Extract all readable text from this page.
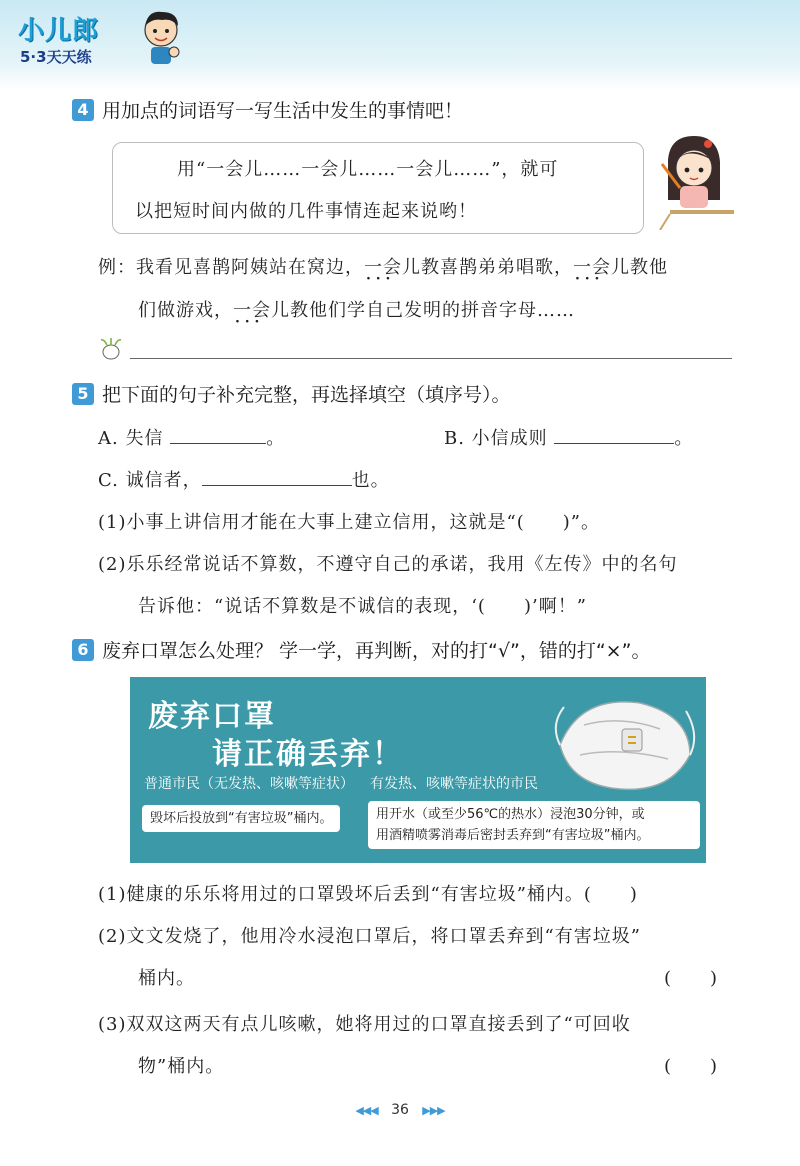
小儿郎
5·3天天练
4 用加点的词语写一写生活中发生的事情吧！
用“一会儿……一会儿……一会儿……”，就可
以把短时间内做的几件事情连起来说哟！
例：我看见喜鹊阿姨站在窝边，一会儿 · · ·教喜鹊弟弟唱歌，一会儿 · · ·教他
们做游戏，一会儿 · · ·教他们学自己发明的拼音字母……
5 把下面的句子补充完整，再选择填空（填序号）。
A. 失信	。	B. 小信成则	。
C. 诚信者，	也。
(1)小事上讲信用才能在大事上建立信用，这就是“(　　)”。
(2)乐乐经常说话不算数，不遵守自己的承诺，我用《左传》中的名句
告诉他：“说话不算数是不诚信的表现，‘(　　)’啊！”
6 废弃口罩怎么处理？ 学一学，再判断，对的打“√”，错的打“×”。
废弃口罩
请正确丢弃！
普通市民（无发热、咳嗽等症状） 有发热、咳嗽等症状的市民
毁坏后投放到“有害垃圾”桶内。	用开水（或至少56℃的热水）浸泡30分钟，或
用酒精喷雾消毒后密封丢弃到“有害垃圾”桶内。
(1)健康的乐乐将用过的口罩毁坏后丢到“有害垃圾”桶内。(　　)
(2)文文发烧了，他用冷水浸泡口罩后，将口罩丢弃到“有害垃圾”
桶内。	(　　)
(3)双双这两天有点儿咳嗽，她将用过的口罩直接丢到了“可回收
物”桶内。	(　　)
◀◀◀ 36 ▶▶▶
